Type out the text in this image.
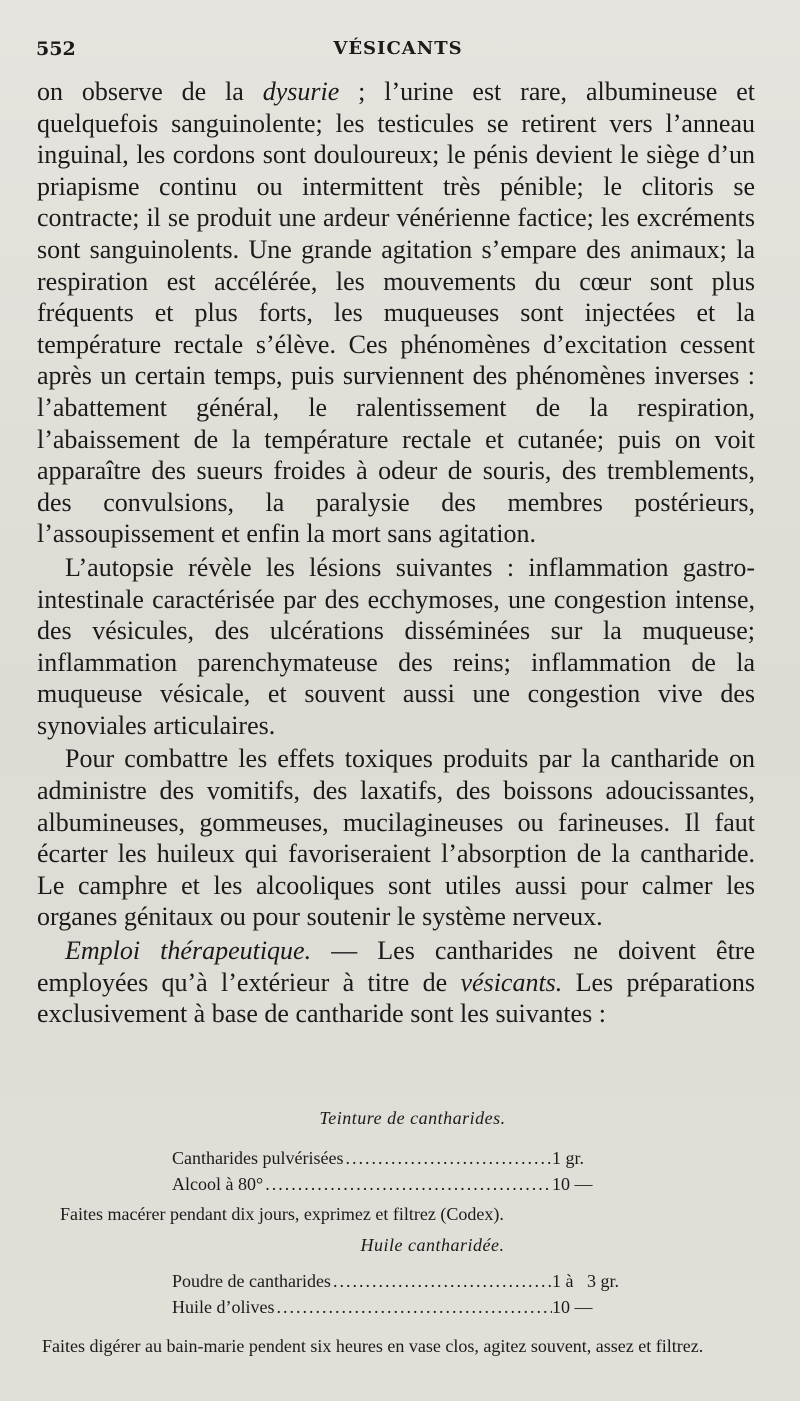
552	VÉSICANTS

on observe de la dysurie ; l’urine est rare, albumineuse et quelquefois sanguinolente; les testicules se retirent vers l’anneau inguinal, les cordons sont douloureux; le pénis devient le siège d’un priapisme continu ou intermittent très pénible; le clitoris se contracte; il se produit une ardeur vénérienne factice; les excréments sont sanguinolents. Une grande agitation s’empare des animaux; la respiration est accélérée, les mouvements du cœur sont plus fréquents et plus forts, les muqueuses sont injectées et la température rectale s’élève. Ces phénomènes d’excitation cessent après un certain temps, puis surviennent des phénomènes inverses : l’abattement général, le ralentissement de la respiration, l’abaissement de la température rectale et cutanée; puis on voit apparaître des sueurs froides à odeur de souris, des tremblements, des convulsions, la paralysie des membres postérieurs, l’assoupissement et enfin la mort sans agitation.

L’autopsie révèle les lésions suivantes : inflammation gastro-intestinale caractérisée par des ecchymoses, une congestion intense, des vésicules, des ulcérations disséminées sur la muqueuse; inflammation parenchymateuse des reins; inflammation de la muqueuse vésicale, et souvent aussi une congestion vive des synoviales articulaires.

Pour combattre les effets toxiques produits par la cantharide on administre des vomitifs, des laxatifs, des boissons adoucissantes, albumineuses, gommeuses, mucilagineuses ou farineuses. Il faut écarter les huileux qui favoriseraient l’absorption de la cantharide. Le camphre et les alcooliques sont utiles aussi pour calmer les organes génitaux ou pour soutenir le système nerveux.

Emploi thérapeutique. — Les cantharides ne doivent être employées qu’à l’extérieur à titre de vésicants. Les préparations exclusivement à base de cantharide sont les suivantes :

Teinture de cantharides.
Cantharides pulvérisées .....	1 gr.
Alcool à 80° .....	10 —

Faites macérer pendant dix jours, exprimez et filtrez (Codex).

Huile cantharidée.
Poudre de cantharides .....	1 à   3 gr.
Huile d’olives .....	10 —

Faites digérer au bain-marie pendent six heures en vase clos, agitez souvent, assez et filtrez.
